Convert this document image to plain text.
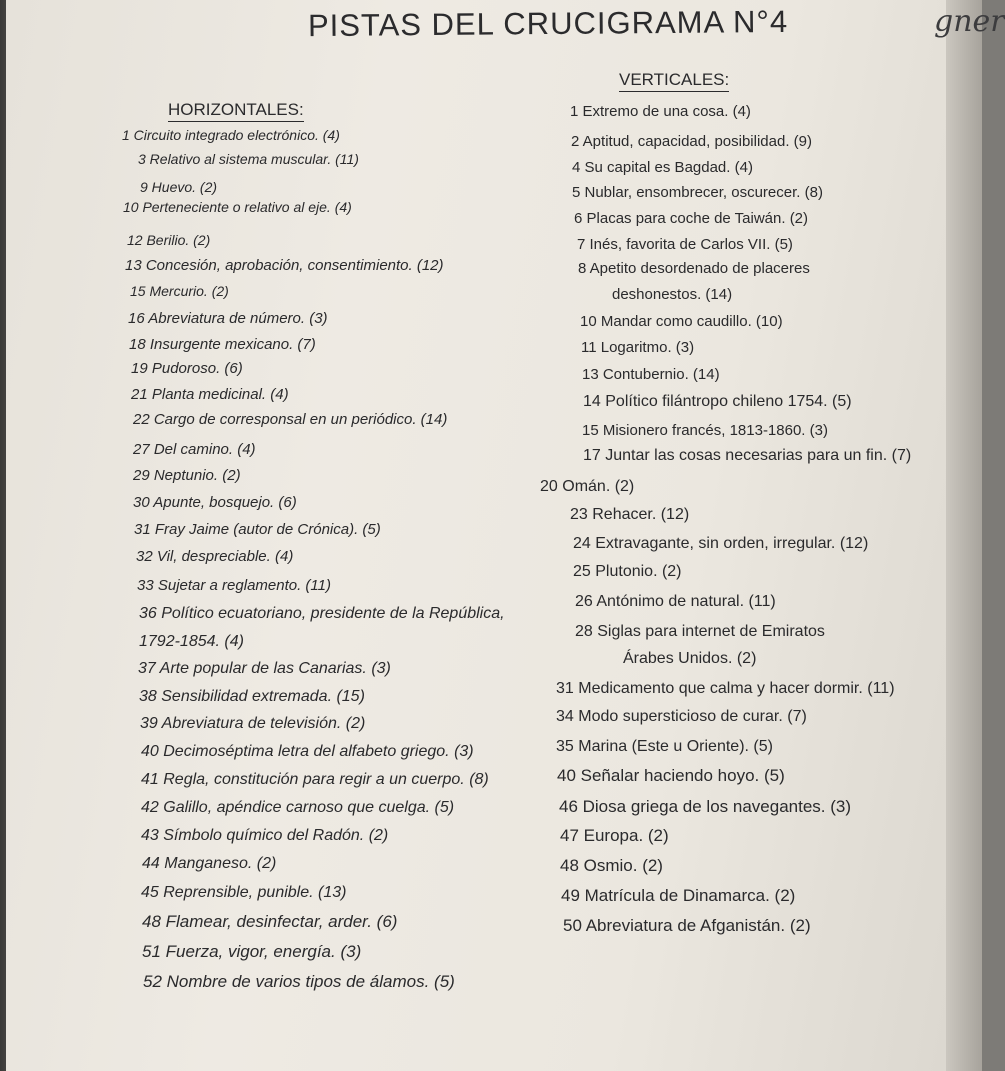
PISTAS DEL CRUCIGRAMA N°4	gner
HORIZONTALES:
VERTICALES:
1 Circuito integrado electrónico. (4)
3 Relativo al sistema muscular. (11)
9 Huevo. (2)
10 Perteneciente o relativo al eje. (4)
12 Berilio. (2)
13 Concesión, aprobación, consentimiento. (12)
15 Mercurio. (2)
16 Abreviatura de número. (3)
18 Insurgente mexicano. (7)
19 Pudoroso. (6)
21 Planta medicinal. (4)
22 Cargo de corresponsal en un periódico. (14)
27 Del camino. (4)
29 Neptunio. (2)
30 Apunte, bosquejo. (6)
31 Fray Jaime (autor de Crónica). (5)
32 Vil, despreciable. (4)
33 Sujetar a reglamento. (11)
36 Político ecuatoriano, presidente de la República,
1792-1854. (4)
37 Arte popular de las Canarias. (3)
38 Sensibilidad extremada. (15)
39 Abreviatura de televisión. (2)
40 Decimoséptima letra del alfabeto griego. (3)
41 Regla, constitución para regir a un cuerpo. (8)
42 Galillo, apéndice carnoso que cuelga. (5)
43 Símbolo químico del Radón. (2)
44 Manganeso. (2)
45 Reprensible, punible. (13)
48 Flamear, desinfectar, arder. (6)
51 Fuerza, vigor, energía. (3)
52 Nombre de varios tipos de álamos. (5)
1 Extremo de una cosa. (4)
2 Aptitud, capacidad, posibilidad. (9)
4 Su capital es Bagdad. (4)
5 Nublar, ensombrecer, oscurecer. (8)
6 Placas para coche de Taiwán. (2)
7 Inés, favorita de Carlos VII. (5)
8 Apetito desordenado de placeres
deshonestos. (14)
10 Mandar como caudillo. (10)
11 Logaritmo. (3)
13 Contubernio. (14)
14 Político filántropo chileno 1754. (5)
15 Misionero francés, 1813-1860. (3)
17 Juntar las cosas necesarias para un fin. (7)
20 Omán. (2)
23 Rehacer. (12)
24 Extravagante, sin orden, irregular. (12)
25 Plutonio. (2)
26 Antónimo de natural. (11)
28 Siglas para internet de Emiratos
Árabes Unidos. (2)
31 Medicamento que calma y hacer dormir. (11)
34 Modo supersticioso de curar. (7)
35 Marina (Este u Oriente). (5)
40 Señalar haciendo hoyo. (5)
46 Diosa griega de los navegantes. (3)
47 Europa. (2)
48 Osmio. (2)
49 Matrícula de Dinamarca. (2)
50 Abreviatura de Afganistán. (2)
